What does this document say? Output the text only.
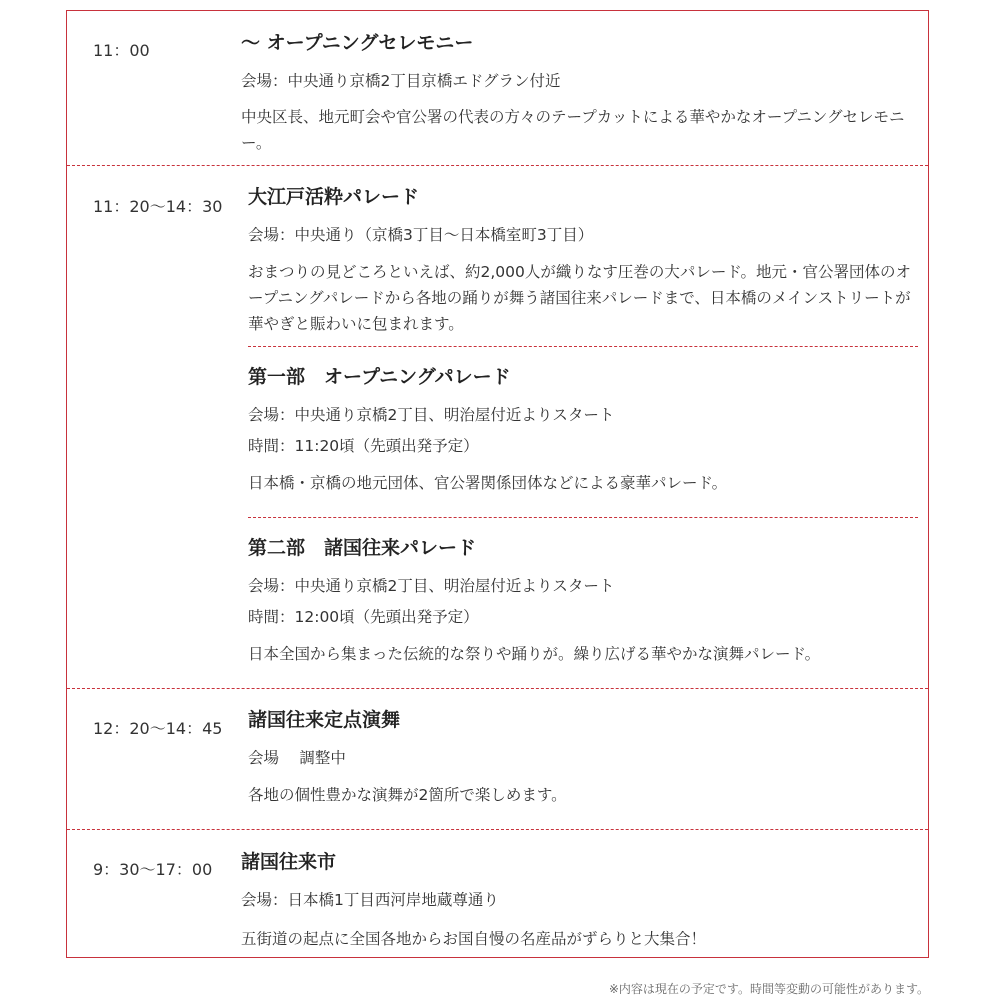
11：00	〜 オープニングセレモニー
会場：中央通り京橋2丁目京橋エドグラン付近
中央区長、地元町会や官公署の代表の方々のテープカットによる華やかなオープニングセレモニー。
11：20〜14：30 大江戸活粋パレード
会場：中央通り（京橋3丁目〜日本橋室町3丁目）
おまつりの見どころといえば、約2,000人が織りなす圧巻の大パレード。地元・官公署団体のオープニングパレードから各地の踊りが舞う諸国往来パレードまで、日本橋のメインストリートが華やぎと賑わいに包まれます。
第一部　オープニングパレード
会場：中央通り京橋2丁目、明治屋付近よりスタート
時間：11:20頃（先頭出発予定）
日本橋・京橋の地元団体、官公署関係団体などによる豪華パレード。
第二部　諸国往来パレード
会場：中央通り京橋2丁目、明治屋付近よりスタート
時間：12:00頃（先頭出発予定）
日本全国から集まった伝統的な祭りや踊りが。繰り広げる華やかな演舞パレード。
12：20〜14：45 諸国往来定点演舞
会場　 調整中
各地の個性豊かな演舞が2箇所で楽しめます。
9：30〜17：00 諸国往来市
会場：日本橋1丁目西河岸地蔵尊通り
五街道の起点に全国各地からお国自慢の名産品がずらりと大集合！
※内容は現在の予定です。時間等変動の可能性があります。
